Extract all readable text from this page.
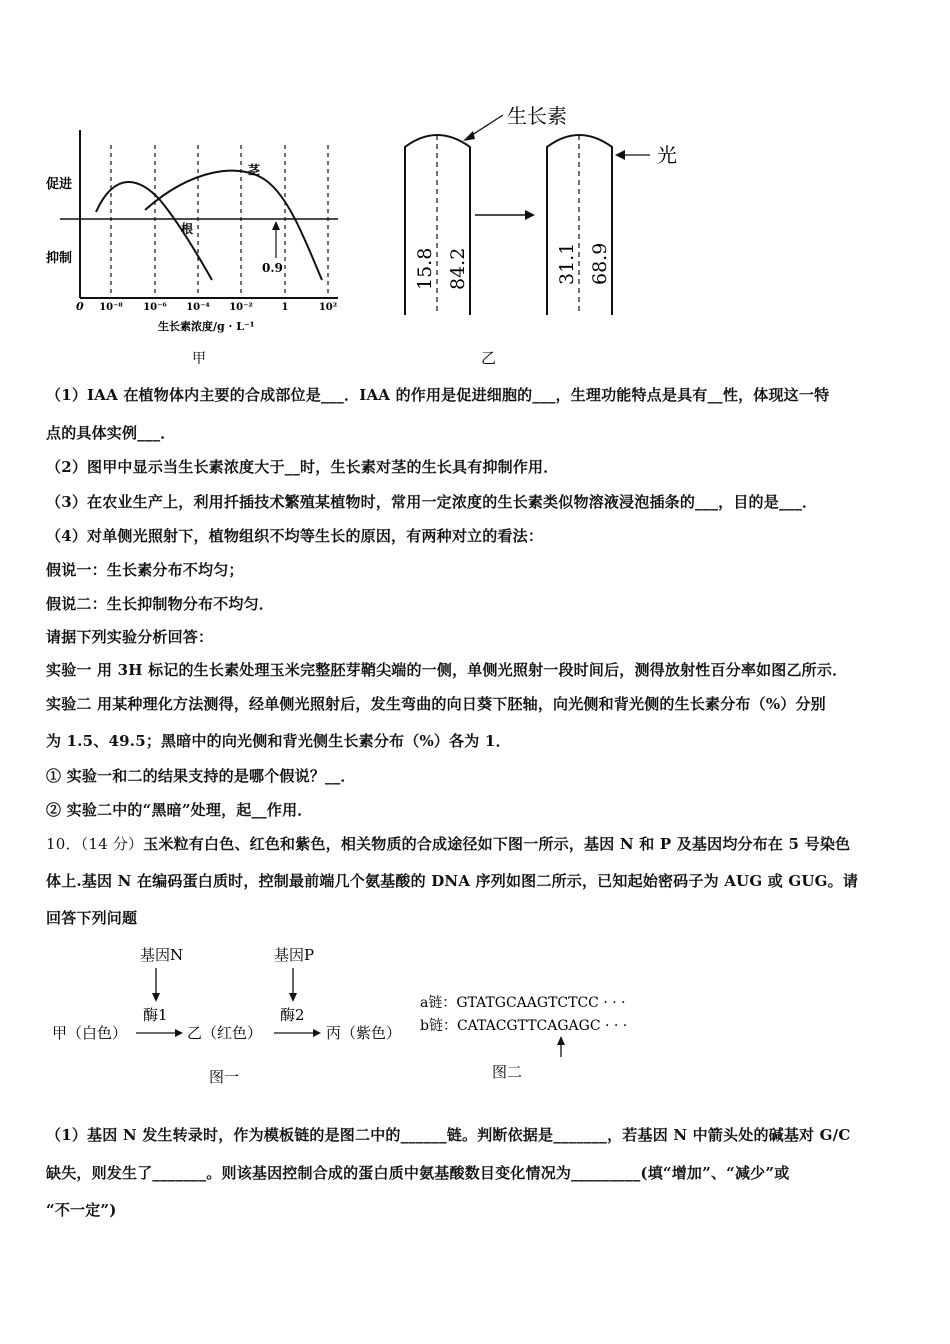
促进
抑制
茎
根
0.9
0 10⁻⁸ 10⁻⁶ 10⁻⁴ 10⁻²	1	10²
生长素浓度/g · L⁻¹
甲
生长素
光
15.8 84.2	31.1 68.9
乙
（1）IAA 在植物体内主要的合成部位是___．IAA 的作用是促进细胞的___，生理功能特点是具有__性，体现这一特
点的具体实例___．
（2）图甲中显示当生长素浓度大于__时，生长素对茎的生长具有抑制作用．
（3）在农业生产上，利用扦插技术繁殖某植物时，常用一定浓度的生长素类似物溶液浸泡插条的___，目的是___．
（4）对单侧光照射下，植物组织不均等生长的原因，有两种对立的看法：
假说一：生长素分布不均匀；
假说二：生长抑制物分布不均匀．
请据下列实验分析回答：
实验一 用 3H 标记的生长素处理玉米完整胚芽鞘尖端的一侧，单侧光照射一段时间后，测得放射性百分率如图乙所示．
实验二 用某种理化方法测得，经单侧光照射后，发生弯曲的向日葵下胚轴，向光侧和背光侧的生长素分布（%）分别
为 1.5、49.5；黑暗中的向光侧和背光侧生长素分布（%）各为 1．
① 实验一和二的结果支持的是哪个假说？__．
② 实验二中的“黑暗”处理，起__作用．
10．（14 分）玉米粒有白色、红色和紫色，相关物质的合成途径如下图一所示，基因 N 和 P 及基因均分布在 5 号染色
体上.基因 N 在编码蛋白质时，控制最前端几个氨基酸的 DNA 序列如图二所示，已知起始密码子为 AUG 或 GUG。请
回答下列问题
基因N	基因P
酶1	酶2
甲（白色）	乙（红色）	丙（紫色）
图一
a链：GTATGCAAGTCTCC · · ·
b链：CATACGTTCAGAGC · · ·
图二
（1）基因 N 发生转录时，作为模板链的是图二中的______链。判断依据是_______，若基因 N 中箭头处的碱基对 G/C
缺失，则发生了_______。则该基因控制合成的蛋白质中氨基酸数目变化情况为_________(填“增加”、“减少”或
“不一定”)
